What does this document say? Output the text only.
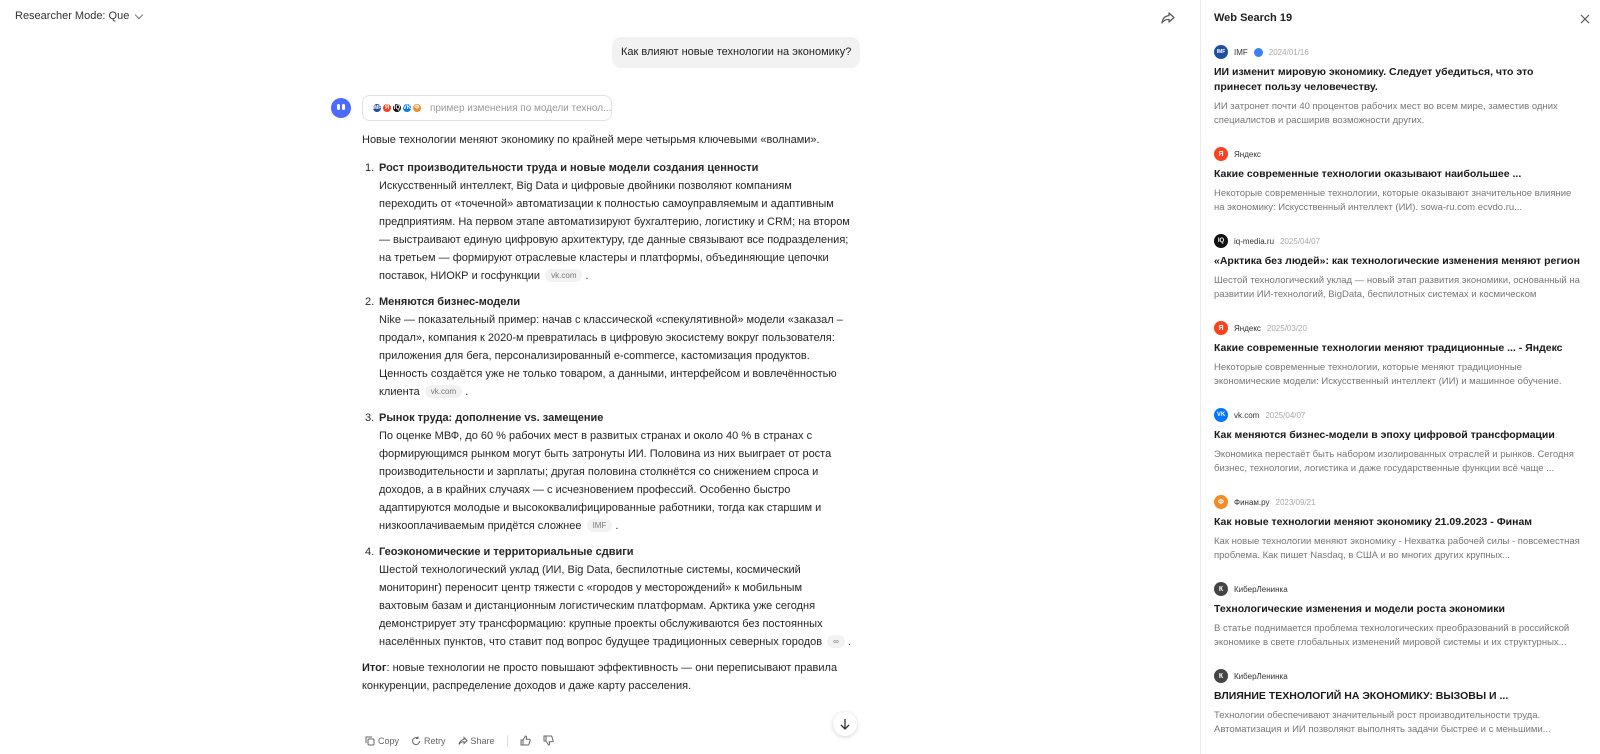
Researcher Mode: Que
Как влияют новые технологии на экономику?
IMF Я IQ VK Ф пример изменения по модели технол...

Новые технологии меняют экономику по крайней мере четырьмя ключевыми «волнами».

1. Рост производительности труда и новые модели создания ценности
Искусственный интеллект, Big Data и цифровые двойники позволяют компаниям переходить от «точечной» автоматизации к полностью самоуправляемым и адаптивным предприятиям. На первом этапе автоматизируют бухгалтерию, логистику и CRM; на втором — выстраивают единую цифровую архитектуру, где данные связывают все подразделения; на третьем — формируют отраслевые кластеры и платформы, объединяющие цепочки поставок, НИОКР и госфункции vk.com .
2. Меняются бизнес-модели
Nike — показательный пример: начав с классической «спекулятивной» модели «заказал – продал», компания к 2020-м превратилась в цифровую экосистему вокруг пользователя: приложения для бега, персонализированный e-commerce, кастомизация продуктов. Ценность создаётся уже не только товаром, а данными, интерфейсом и вовлечённостью клиента vk.com .
3. Рынок труда: дополнение vs. замещение
По оценке МВФ, до 60 % рабочих мест в развитых странах и около 40 % в странах с формирующимся рынком могут быть затронуты ИИ. Половина из них выиграет от роста производительности и зарплаты; другая половина столкнётся со снижением спроса и доходов, а в крайних случаях — с исчезновением профессий. Особенно быстро адаптируются молодые и высококвалифицированные работники, тогда как старшим и низкооплачиваемым придётся сложнее IMF .
4. Геоэкономические и территориальные сдвиги
Шестой технологический уклад (ИИ, Big Data, беспилотные системы, космический мониторинг) переносит центр тяжести с «городов у месторождений» к мобильным вахтовым базам и дистанционным логистическим платформам. Арктика уже сегодня демонстрирует эту трансформацию: крупные проекты обслуживаются без постоянных населённых пунктов, что ставит под вопрос будущее традиционных северных городов ∞ .

Итог: новые технологии не просто повышают эффективность — они переписывают правила конкуренции, распределение доходов и даже карту расселения.

Copy	Retry	Share
Web Search 19
IMF	IMF	2024/01/16
ИИ изменит мировую экономику. Следует убедиться, что это принесет пользу человечеству.
ИИ затронет почти 40 процентов рабочих мест во всем мире, заместив одних специалистов и расширив возможности других.
Я	Яндекс
Какие современные технологии оказывают наибольшее ...
Некоторые современные технологии, которые оказывают значительное влияние на экономику: Искусственный интеллект (ИИ). sowa-ru.com ecvdo.ru...
IQ	iq-media.ru 2025/04/07
«Арктика без людей»: как технологические изменения меняют регион
Шестой технологический уклад — новый этап развития экономики, основанный на развитии ИИ-технологий, BigData, беспилотных системах и космическом
Я	Яндекс 2025/03/20
Какие современные технологии меняют традиционные ... - Яндекс
Некоторые современные технологии, которые меняют традиционные экономические модели: Искусственный интеллект (ИИ) и машинное обучение.
VK	vk.com 2025/04/07
Как меняются бизнес-модели в эпоху цифровой трансформации
Экономика перестаёт быть набором изолированных отраслей и рынков. Сегодня бизнес, технологии, логистика и даже государственные функции всё чаще ...
Ф	Финам.ру 2023/09/21
Как новые технологии меняют экономику 21.09.2023 - Финам
Как новые технологии меняют экономику - Нехватка рабочей силы - повсеместная проблема. Как пишет Nasdaq, в США и во многих других крупных...
К	КиберЛенинка
Технологические изменения и модели роста экономики
В статье поднимается проблема технологических преобразований в российской экономике в свете глобальных изменений мировой системы и их структурных...
К	КиберЛенинка
ВЛИЯНИЕ ТЕХНОЛОГИЙ НА ЭКОНОМИКУ: ВЫЗОВЫ И ...
Технологии обеспечивают значительный рост производительности труда. Автоматизация и ИИ позволяют выполнять задачи быстрее и с меньшими...
